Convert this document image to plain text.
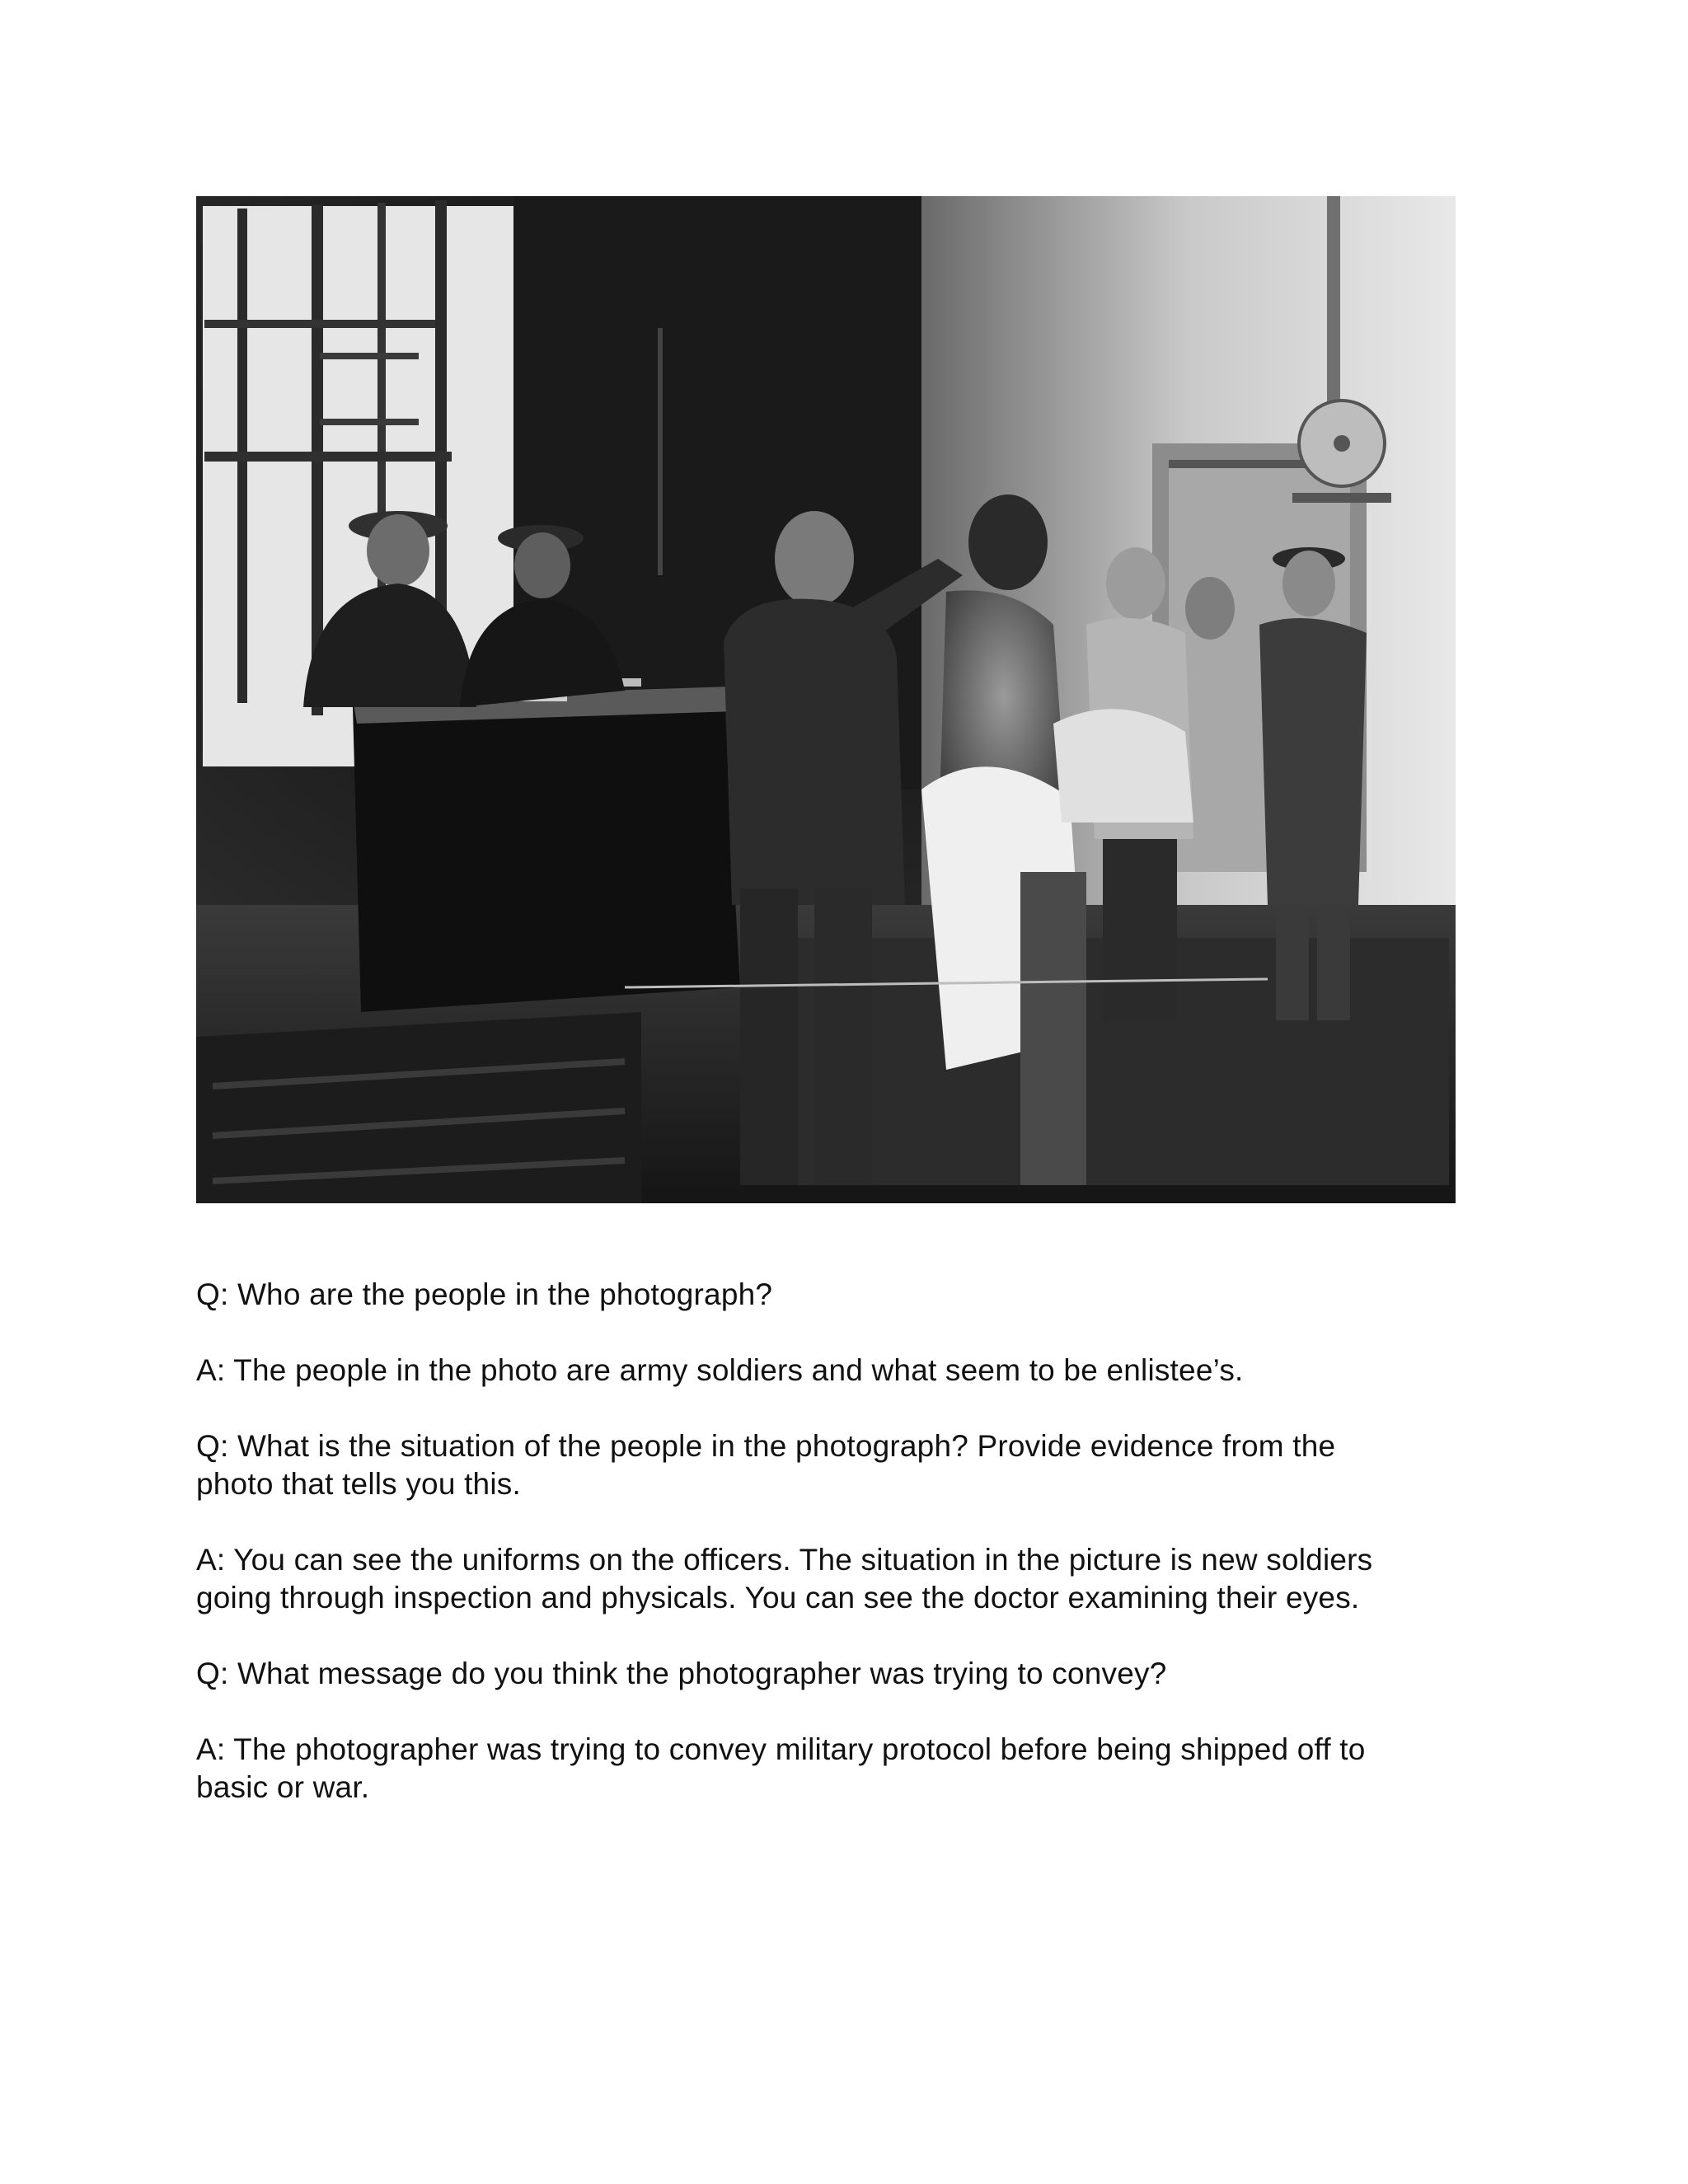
Q: Who are the people in the photograph?

A: The people in the photo are army soldiers and what seem to be enlistee’s.

Q: What is the situation of the people in the photograph? Provide evidence from the
photo that tells you this.

A: You can see the uniforms on the officers. The situation in the picture is new soldiers
going through inspection and physicals. You can see the doctor examining their eyes.

Q: What message do you think the photographer was trying to convey?

A: The photographer was trying to convey military protocol before being shipped off to
basic or war.
